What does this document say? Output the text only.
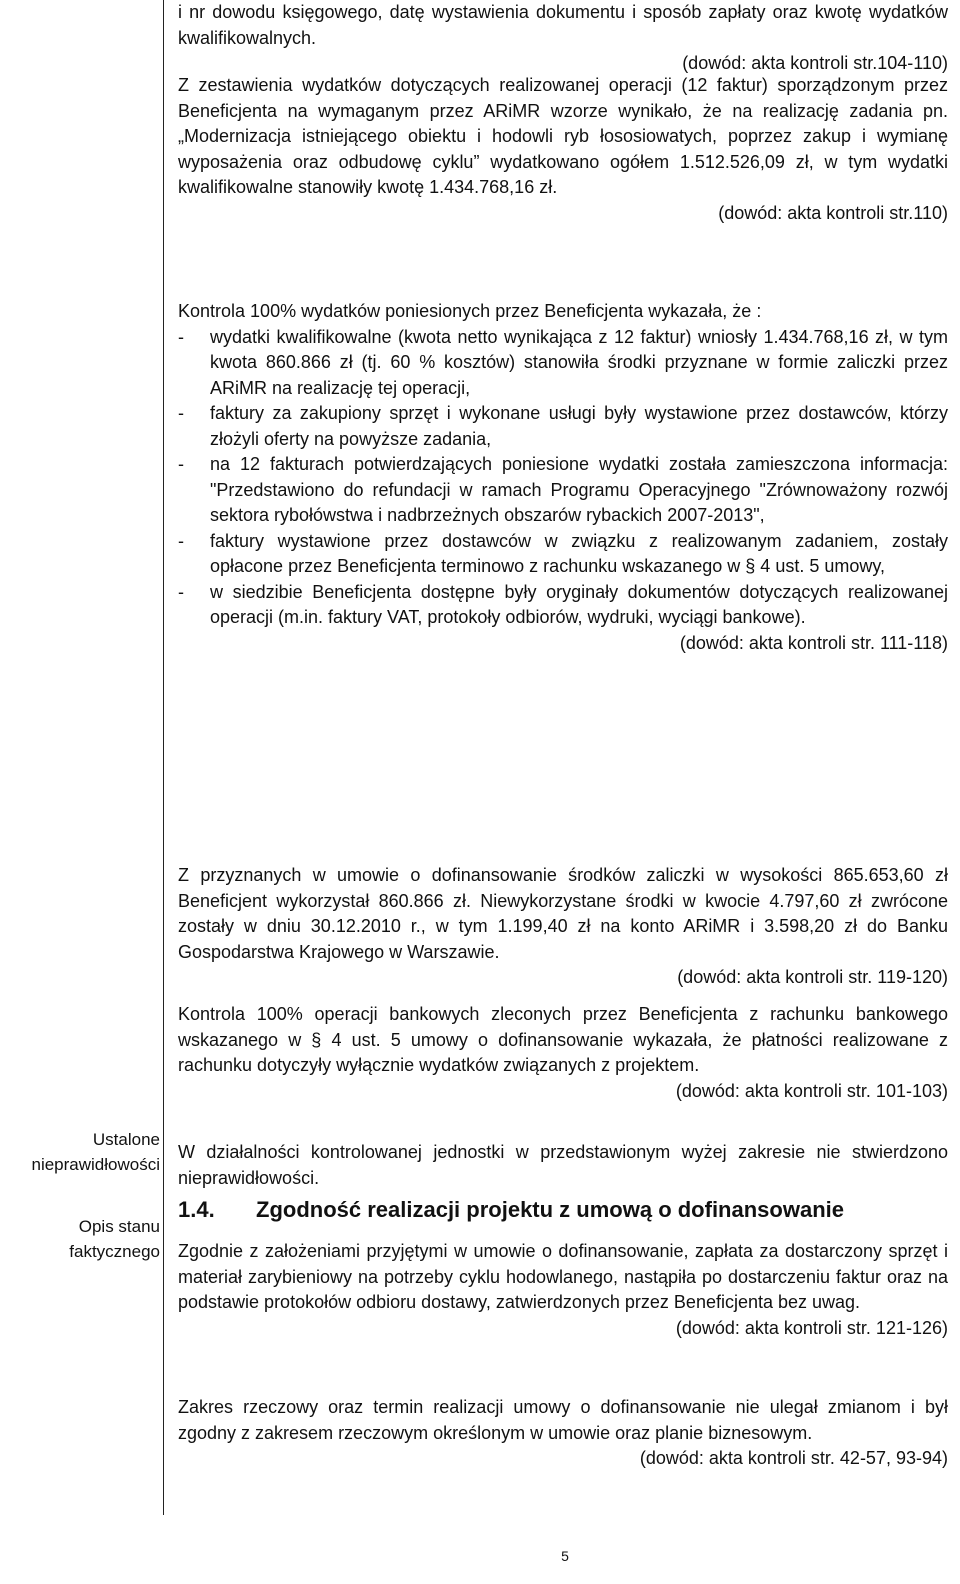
Ustalone
nieprawidłowości
Opis stanu
faktycznego

i nr dowodu księgowego, datę wystawienia dokumentu i sposób zapłaty oraz kwotę wydatków kwalifikowalnych.

(dowód: akta kontroli str.104-110)

Z zestawienia wydatków dotyczących realizowanej operacji (12 faktur) sporządzonym przez Beneficjenta na wymaganym przez ARiMR wzorze wynikało, że na realizację zadania pn. „Modernizacja istniejącego obiektu i hodowli ryb łososiowatych, poprzez zakup i wymianę wyposażenia oraz odbudowę cyklu” wydatkowano ogółem 1.512.526,09 zł, w tym wydatki kwalifikowalne stanowiły kwotę 1.434.768,16 zł.

(dowód: akta kontroli str.110)

Kontrola 100% wydatków poniesionych przez Beneficjenta wykazała, że :

-	wydatki kwalifikowalne (kwota netto wynikająca z 12 faktur) wniosły 1.434.768,16 zł, w tym kwota 860.866 zł (tj. 60 % kosztów) stanowiła środki przyznane w formie zaliczki przez ARiMR na realizację tej operacji,
-	faktury za zakupiony sprzęt i wykonane usługi były wystawione przez dostawców, którzy złożyli oferty na powyższe zadania,
-	na 12 fakturach potwierdzających poniesione wydatki została zamieszczona informacja: "Przedstawiono do refundacji w ramach Programu Operacyjnego "Zrównoważony rozwój sektora rybołówstwa i nadbrzeżnych obszarów rybackich 2007-2013",
-	faktury wystawione przez dostawców w związku z realizowanym zadaniem, zostały opłacone przez Beneficjenta terminowo z rachunku wskazanego w § 4 ust. 5 umowy,
-	w siedzibie Beneficjenta dostępne były oryginały dokumentów dotyczących realizowanej operacji (m.in. faktury VAT, protokoły odbiorów, wydruki, wyciągi bankowe).

(dowód: akta kontroli str. 111-118)

Z przyznanych w umowie o dofinansowanie środków zaliczki w wysokości 865.653,60 zł Beneficjent wykorzystał 860.866 zł. Niewykorzystane środki w kwocie 4.797,60 zł zwrócone zostały w dniu 30.12.2010 r., w tym 1.199,40 zł na konto ARiMR i 3.598,20 zł do Banku Gospodarstwa Krajowego w Warszawie.

(dowód: akta kontroli str. 119-120)

Kontrola 100% operacji bankowych zleconych przez Beneficjenta z rachunku bankowego wskazanego w § 4 ust. 5 umowy o dofinansowanie wykazała, że płatności realizowane z rachunku dotyczyły wyłącznie wydatków związanych z projektem.

(dowód: akta kontroli str. 101-103)

W działalności kontrolowanej jednostki w przedstawionym wyżej zakresie nie stwierdzono nieprawidłowości.

1.4.	Zgodność realizacji projektu z umową o dofinansowanie

Zgodnie z założeniami przyjętymi w umowie o dofinansowanie, zapłata za dostarczony sprzęt i materiał zarybieniowy na potrzeby cyklu hodowlanego, nastąpiła po dostarczeniu faktur oraz na podstawie protokołów odbioru dostawy, zatwierdzonych przez Beneficjenta bez uwag.

(dowód: akta kontroli str. 121-126)

Zakres rzeczowy oraz termin realizacji umowy o dofinansowanie nie ulegał zmianom i był zgodny z zakresem rzeczowym określonym w umowie oraz planie biznesowym.

(dowód: akta kontroli str. 42-57, 93-94)

5
